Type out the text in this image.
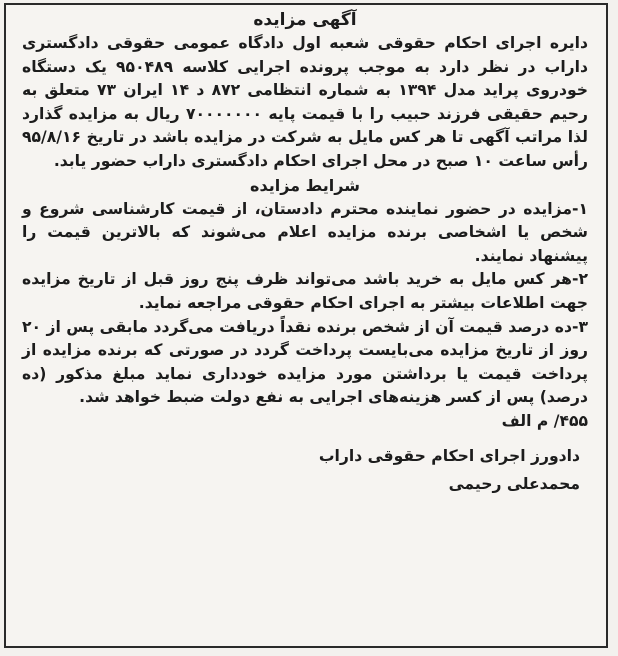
آگهی مزایده

دایره اجرای احکام حقوقی شعبه اول دادگاه عمومی حقوقی دادگستری داراب در نظر دارد به موجب پرونده اجرایی کلاسه ۹۵۰۴۸۹ یک دستگاه خودروی پراید مدل ۱۳۹۴ به شماره انتظامی ۸۷۲ د ۱۴ ایران ۷۳ متعلق به رحیم حقیقی فرزند حبیب را با قیمت پایه ۷۰۰۰۰۰۰۰ ریال به مزایده گذارد لذا مراتب آگهی تا هر کس مایل به شرکت در مزایده باشد در تاریخ ۹۵/۸/۱۶ رأس ساعت ۱۰ صبح در محل اجرای احکام دادگستری داراب حضور یابد.

شرایط مزایده

۱-مزایده در حضور نماینده محترم دادستان، از قیمت کارشناسی شروع و شخص یا اشخاصی برنده مزایده اعلام می‌شوند که بالاترین قیمت را پیشنهاد نمایند.

۲-هر کس مایل به خرید باشد می‌تواند ظرف پنج روز قبل از تاریخ مزایده جهت اطلاعات بیشتر به اجرای احکام حقوقی مراجعه نماید.

۳-ده درصد قیمت آن از شخص برنده نقداً دریافت می‌گردد مابقی پس از ۲۰ روز از تاریخ مزایده می‌بایست پرداخت گردد در صورتی که برنده مزایده از پرداخت قیمت یا برداشتن مورد مزایده خودداری نماید مبلغ مذکور (ده درصد) پس از کسر هزینه‌های اجرایی به نفع دولت ضبط خواهد شد.

۴۵۵/ م الف

دادورز اجرای احکام حقوقی داراب
محمدعلی رحیمی
